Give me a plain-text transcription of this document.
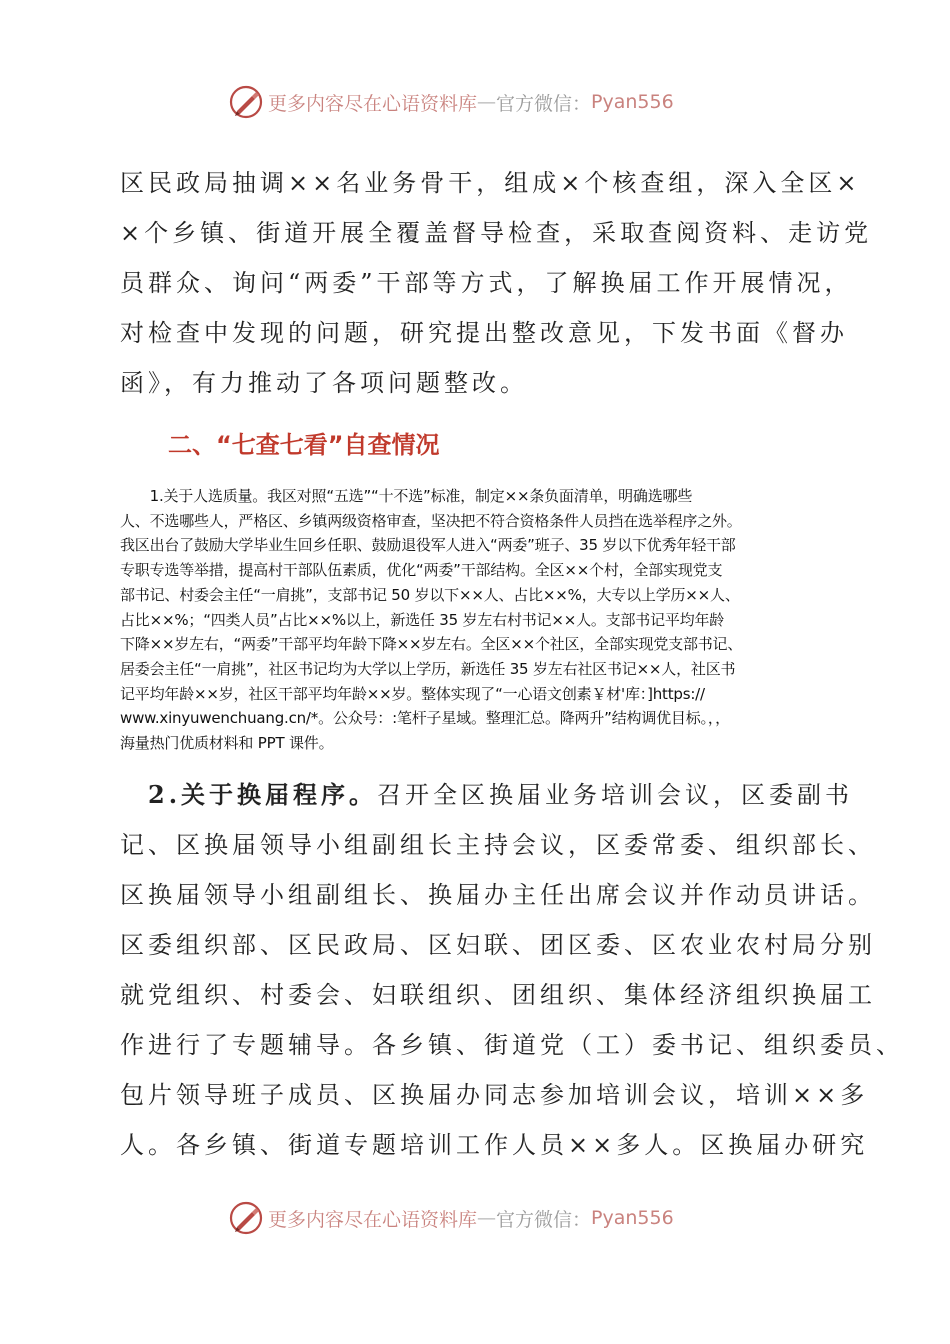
更多内容尽在心语资料库 — 官方微信： Pyan556
区民政局抽调××名业务骨干，组成×个核查组，深入全区×
×个乡镇、街道开展全覆盖督导检查，采取查阅资料、走访党
员群众、询问“两委”干部等方式，了解换届工作开展情况，
对检查中发现的问题，研究提出整改意见，下发书面《督办
函》，有力推动了各项问题整改。
二、“七查七看”自查情况
　　1.关于人选质量。我区对照“五选”“十不选”标准，制定××条负面清单，明确选哪些
人、不选哪些人，严格区、乡镇两级资格审查，坚决把不符合资格条件人员挡在选举程序之外。
我区出台了鼓励大学毕业生回乡任职、鼓励退役军人进入“两委”班子、35 岁以下优秀年轻干部
专职专选等举措，提高村干部队伍素质，优化“两委”干部结构。全区××个村，全部实现党支
部书记、村委会主任“一肩挑”，支部书记 50 岁以下××人、占比××%，大专以上学历××人、
占比××%；“四类人员”占比××%以上，新选任 35 岁左右村书记××人。支部书记平均年龄
下降××岁左右，“两委”干部平均年龄下降××岁左右。全区××个社区，全部实现党支部书记、
居委会主任“一肩挑”，社区书记均为大学以上学历，新选任 35 岁左右社区书记××人，社区书
记平均年龄××岁，社区干部平均年龄××岁。整体实现了“一心语文创素￥材'库：]https://
www.xinyuwenchuang.cn/*。公众号：:笔杆子星域。整理汇总。降两升”结构调优目标。，，
海量热门优质材料和 PPT 课件。
　2.关于换届程序。召开全区换届业务培训会议，区委副书
记、区换届领导小组副组长主持会议，区委常委、组织部长、
区换届领导小组副组长、换届办主任出席会议并作动员讲话。
区委组织部、区民政局、区妇联、团区委、区农业农村局分别
就党组织、村委会、妇联组织、团组织、集体经济组织换届工
作进行了专题辅导。各乡镇、街道党（工）委书记、组织委员、
包片领导班子成员、区换届办同志参加培训会议，培训××多
人。各乡镇、街道专题培训工作人员××多人。区换届办研究
更多内容尽在心语资料库 — 官方微信： Pyan556
